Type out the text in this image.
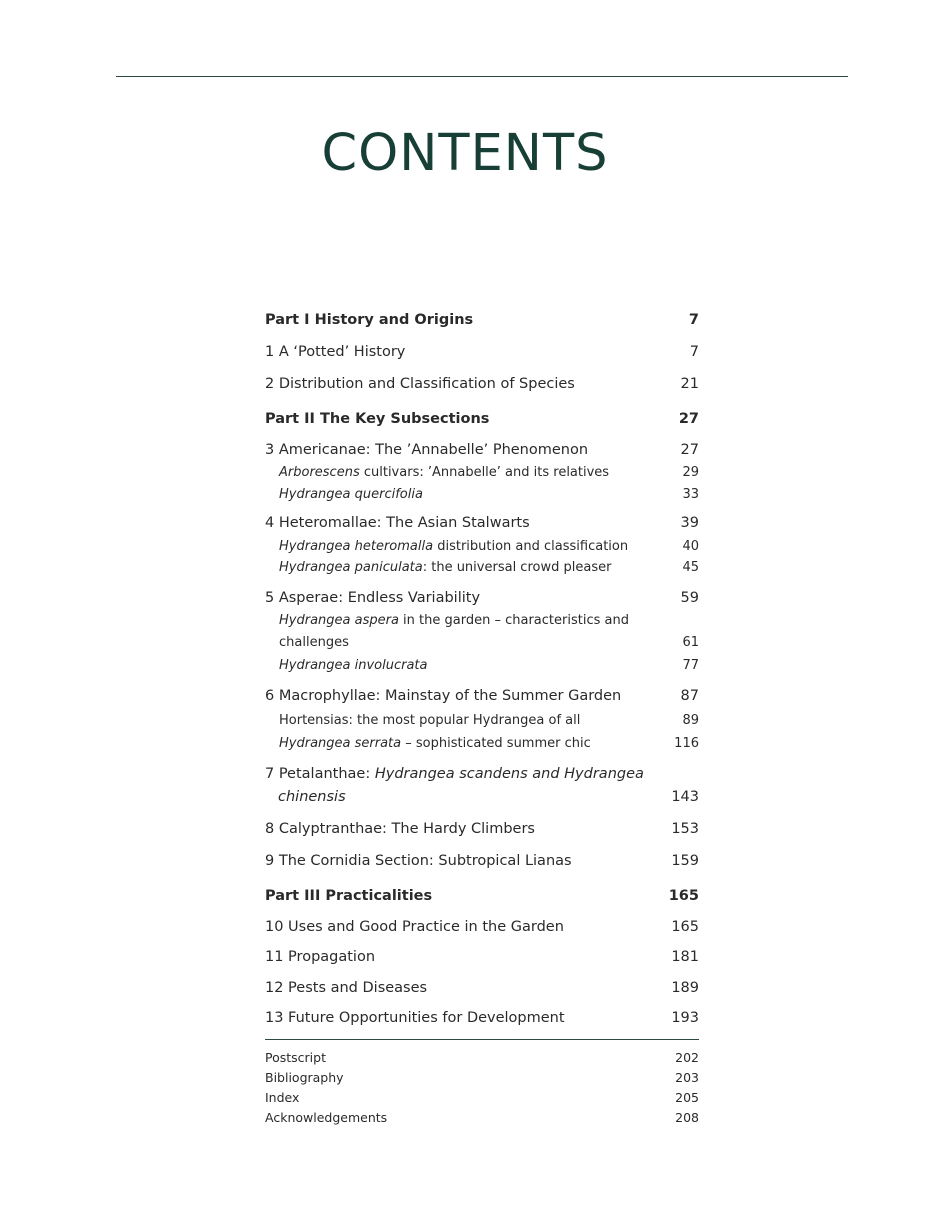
CONTENTS
Part I History and Origins	7
1 A ‘Potted’ History	7
2 Distribution and Classification of Species	21
Part II The Key Subsections	27
3 Americanae: The ’Annabelle’ Phenomenon	27
Arborescens cultivars: ’Annabelle’ and its relatives	29
Hydrangea quercifolia	33
4 Heteromallae: The Asian Stalwarts	39
Hydrangea heteromalla distribution and classification	40
Hydrangea paniculata: the universal crowd pleaser	45
5 Asperae: Endless Variability	59
Hydrangea aspera in the garden – characteristics and
challenges	61
Hydrangea involucrata	77
6 Macrophyllae: Mainstay of the Summer Garden	87
Hortensias: the most popular Hydrangea of all	89
Hydrangea serrata – sophisticated summer chic	116
7 Petalanthae: Hydrangea scandens and Hydrangea
chinensis	143
8 Calyptranthae: The Hardy Climbers	153
9 The Cornidia Section: Subtropical Lianas	159
Part III Practicalities	165
10 Uses and Good Practice in the Garden	165
11 Propagation	181
12 Pests and Diseases	189
13 Future Opportunities for Development	193
Postscript	202
Bibliography	203
Index	205
Acknowledgements	208
